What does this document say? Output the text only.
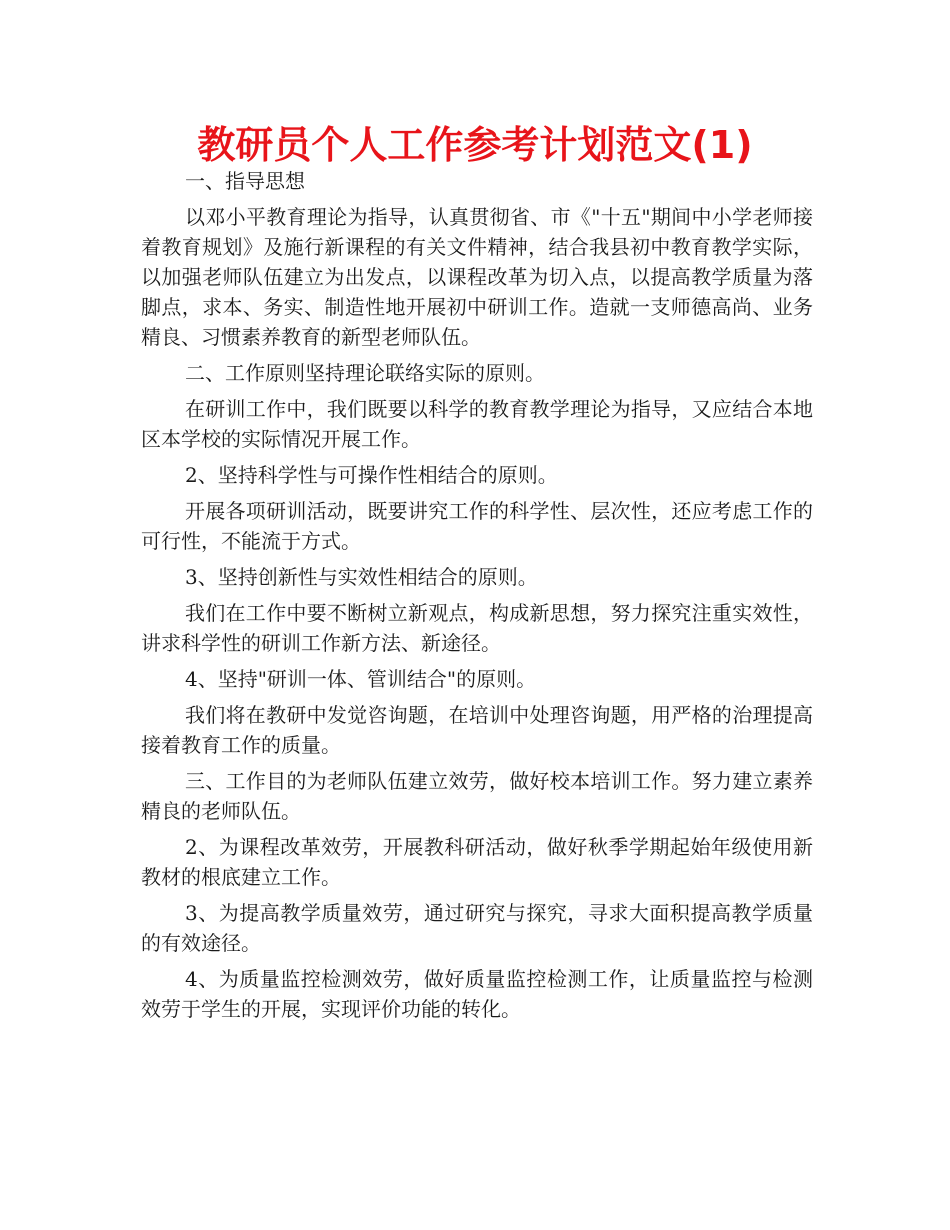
教研员个人工作参考计划范文(1)

一、指导思想

以邓小平教育理论为指导，认真贯彻省、市《"十五"期间中小学老师接着教育规划》及施行新课程的有关文件精神，结合我县初中教育教学实际，以加强老师队伍建立为出发点，以课程改革为切入点，以提高教学质量为落脚点，求本、务实、制造性地开展初中研训工作。造就一支师德高尚、业务精良、习惯素养教育的新型老师队伍。

二、工作原则坚持理论联络实际的原则。

在研训工作中，我们既要以科学的教育教学理论为指导，又应结合本地区本学校的实际情况开展工作。

2、坚持科学性与可操作性相结合的原则。

开展各项研训活动，既要讲究工作的科学性、层次性，还应考虑工作的可行性，不能流于方式。

3、坚持创新性与实效性相结合的原则。

我们在工作中要不断树立新观点，构成新思想，努力探究注重实效性，讲求科学性的研训工作新方法、新途径。

4、坚持"研训一体、管训结合"的原则。

我们将在教研中发觉咨询题，在培训中处理咨询题，用严格的治理提高接着教育工作的质量。

三、工作目的为老师队伍建立效劳，做好校本培训工作。努力建立素养精良的老师队伍。

2、为课程改革效劳，开展教科研活动，做好秋季学期起始年级使用新教材的根底建立工作。

3、为提高教学质量效劳，通过研究与探究，寻求大面积提高教学质量的有效途径。

4、为质量监控检测效劳，做好质量监控检测工作，让质量监控与检测效劳于学生的开展，实现评价功能的转化。
